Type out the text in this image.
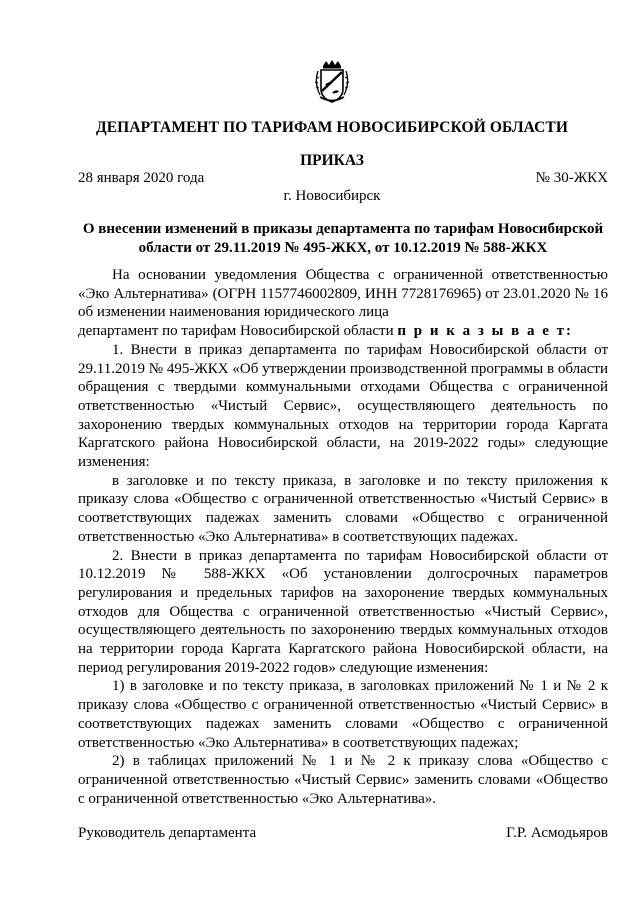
ДЕПАРТАМЕНТ ПО ТАРИФАМ НОВОСИБИРСКОЙ ОБЛАСТИ
ПРИКАЗ
28 января 2020 года	№ 30-ЖКХ
г. Новосибирск
О внесении изменений в приказы департамента по тарифам Новосибирской области от 29.11.2019 № 495-ЖКХ, от 10.12.2019 № 588-ЖКХ

На основании уведомления Общества с ограниченной ответственностью «Эко Альтернатива» (ОГРН 1157746002809, ИНН 7728176965) от 23.01.2020 № 16 об изменении наименования юридического лица

департамент по тарифам Новосибирской области п р и к а з ы в а е т:

1. Внести в приказ департамента по тарифам Новосибирской области от 29.11.2019 № 495-ЖКХ «Об утверждении производственной программы в области обращения с твердыми коммунальными отходами Общества с ограниченной ответственностью «Чистый Сервис», осуществляющего деятельность по захоронению твердых коммунальных отходов на территории города Каргата Каргатского района Новосибирской области, на 2019-2022 годы» следующие изменения:

в заголовке и по тексту приказа, в заголовке и по тексту приложения к приказу слова «Общество с ограниченной ответственностью «Чистый Сервис» в соответствующих падежах заменить словами «Общество с ограниченной ответственностью «Эко Альтернатива» в соответствующих падежах.

2. Внести в приказ департамента по тарифам Новосибирской области от 10.12.2019 № 588-ЖКХ «Об установлении долгосрочных параметров регулирования и предельных тарифов на захоронение твердых коммунальных отходов для Общества с ограниченной ответственностью «Чистый Сервис», осуществляющего деятельность по захоронению твердых коммунальных отходов на территории города Каргата Каргатского района Новосибирской области, на период регулирования 2019-2022 годов» следующие изменения:

1) в заголовке и по тексту приказа, в заголовках приложений № 1 и № 2 к приказу слова «Общество с ограниченной ответственностью «Чистый Сервис» в соответствующих падежах заменить словами «Общество с ограниченной ответственностью «Эко Альтернатива» в соответствующих падежах;

2) в таблицах приложений № 1 и № 2 к приказу слова «Общество с ограниченной ответственностью «Чистый Сервис» заменить словами «Общество с ограниченной ответственностью «Эко Альтернатива».

Руководитель департамента	Г.Р. Асмодьяров
